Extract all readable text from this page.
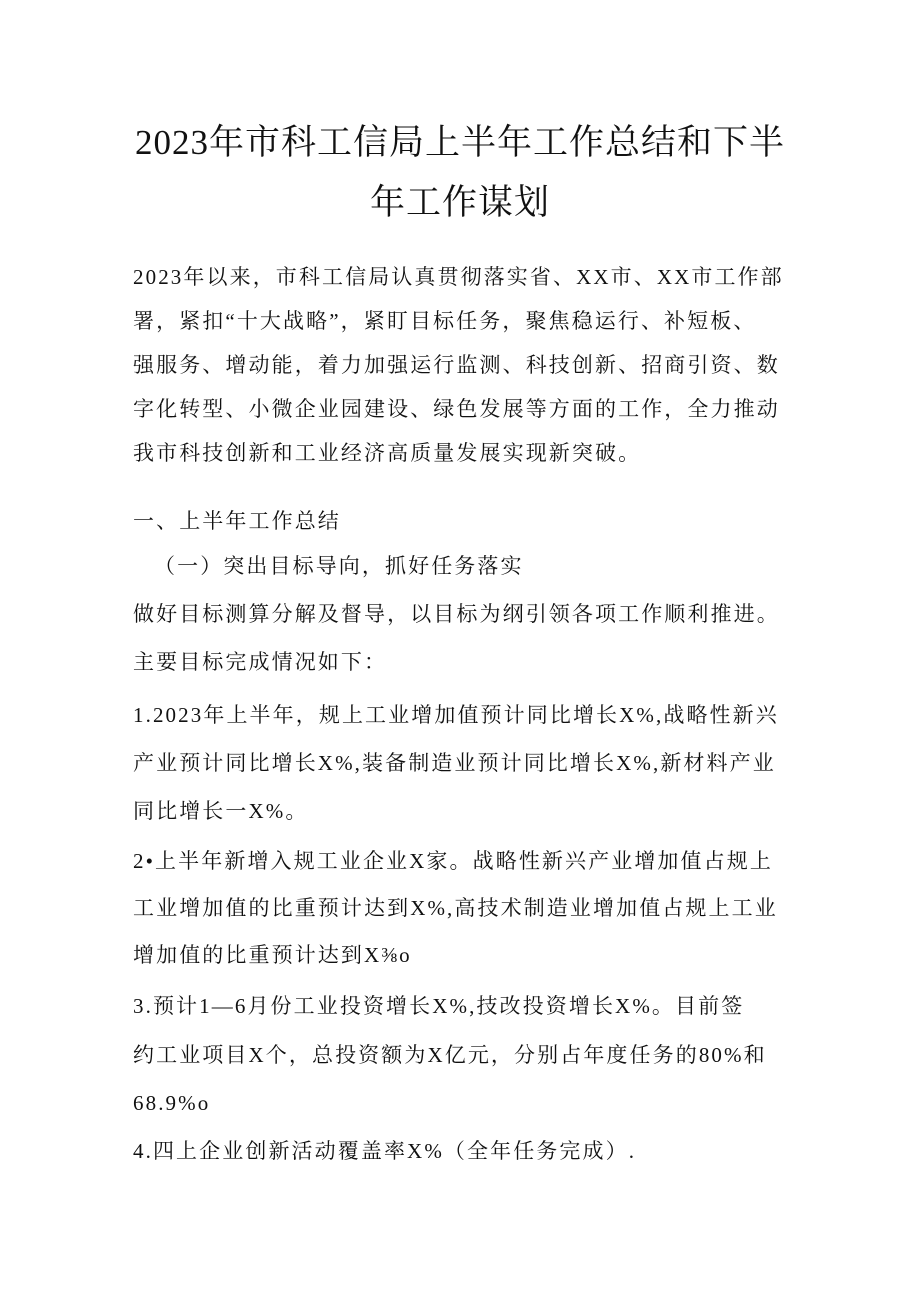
2023年市科工信局上半年工作总结和下半
年工作谋划
2023年以来，市科工信局认真贯彻落实省、XX市、XX市工作部
署，紧扣“十大战略”，紧盯目标任务，聚焦稳运行、补短板、
强服务、增动能，着力加强运行监测、科技创新、招商引资、数
字化转型、小微企业园建设、绿色发展等方面的工作，全力推动
我市科技创新和工业经济高质量发展实现新突破。
一、上半年工作总结
（一）突出目标导向，抓好任务落实
做好目标测算分解及督导，以目标为纲引领各项工作顺利推进。
主要目标完成情况如下：
1.2023年上半年，规上工业增加值预计同比增长X%,战略性新兴
产业预计同比增长X%,装备制造业预计同比增长X%,新材料产业
同比增长一X%。
2•上半年新增入规工业企业X家。战略性新兴产业增加值占规上
工业增加值的比重预计达到X%,高技术制造业增加值占规上工业
增加值的比重预计达到X⅜o
3.预计1—6月份工业投资增长X%,技改投资增长X%。目前签
约工业项目X个，总投资额为X亿元，分别占年度任务的80%和
68.9%o
4.四上企业创新活动覆盖率X%（全年任务完成）.
